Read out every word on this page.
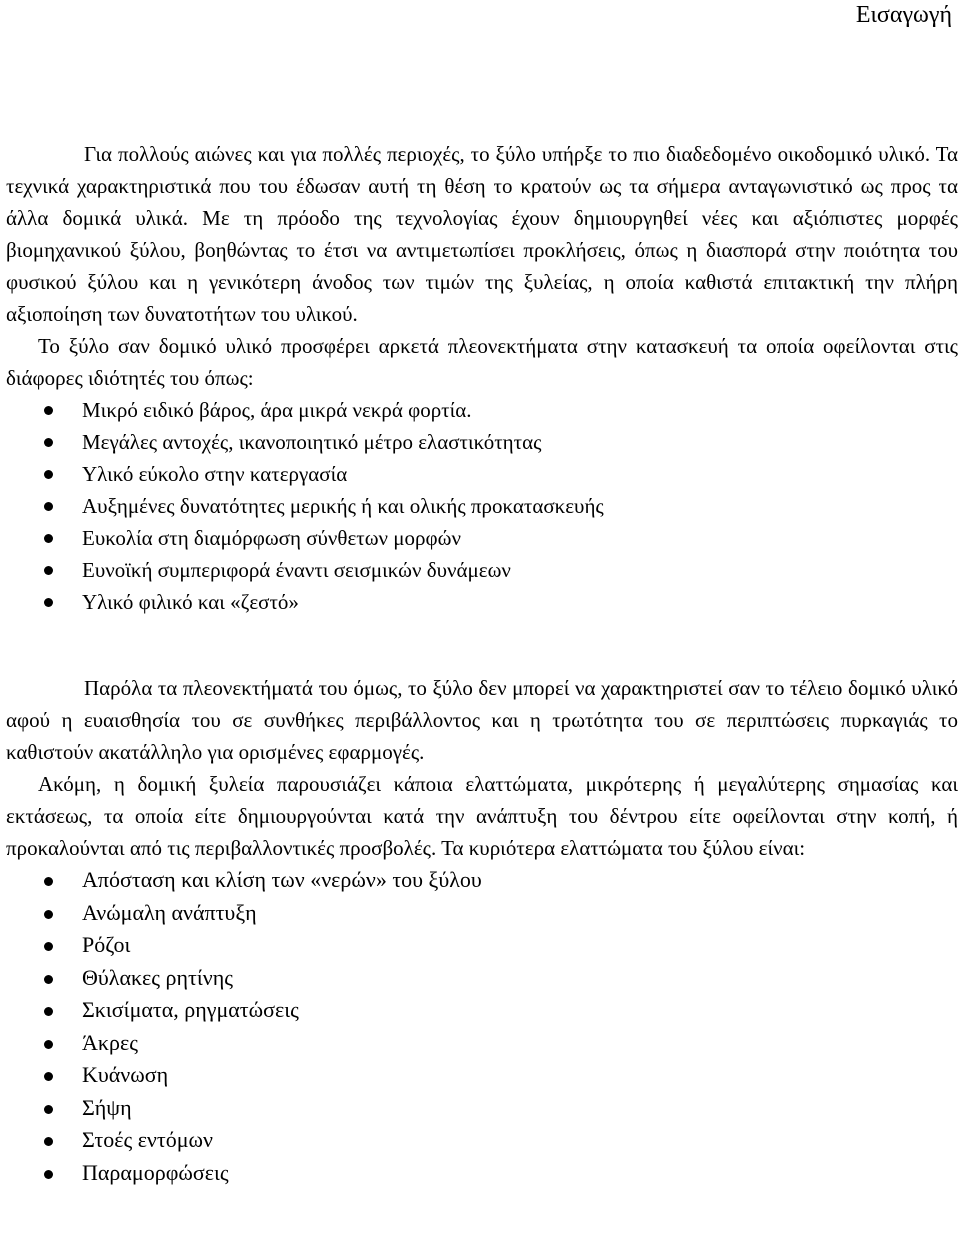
Εισαγωγή

Για πολλούς αιώνες και για πολλές περιοχές, το ξύλο υπήρξε το πιο διαδεδομένο οικοδομικό υλικό. Τα τεχνικά χαρακτηριστικά που του έδωσαν αυτή τη θέση το κρατούν ως τα σήμερα ανταγωνιστικό ως προς τα άλλα δομικά υλικά. Με τη πρόοδο της τεχνολογίας έχουν δημιουργηθεί νέες και αξιόπιστες μορφές βιομηχανικού ξύλου, βοηθώντας το έτσι να αντιμετωπίσει προκλήσεις, όπως η διασπορά στην ποιότητα του φυσικού ξύλου και η γενικότερη άνοδος των τιμών της ξυλείας, η οποία καθιστά επιτακτική την πλήρη αξιοποίηση των δυνατοτήτων του υλικού.

Το ξύλο σαν δομικό υλικό προσφέρει αρκετά πλεονεκτήματα στην κατασκευή τα οποία οφείλονται στις διάφορες ιδιότητές του όπως:

Μικρό ειδικό βάρος, άρα μικρά νεκρά φορτία.
Μεγάλες αντοχές, ικανοποιητικό μέτρο ελαστικότητας
Υλικό εύκολο στην κατεργασία
Αυξημένες δυνατότητες μερικής ή και ολικής προκατασκευής
Ευκολία στη διαμόρφωση σύνθετων μορφών
Ευνοϊκή συμπεριφορά έναντι σεισμικών δυνάμεων
Υλικό φιλικό και «ζεστό»

Παρόλα τα πλεονεκτήματά του όμως, το ξύλο δεν μπορεί να χαρακτηριστεί σαν το τέλειο δομικό υλικό αφού η ευαισθησία του σε συνθήκες περιβάλλοντος και η τρωτότητα του σε περιπτώσεις πυρκαγιάς το καθιστούν ακατάλληλο για ορισμένες εφαρμογές.

Ακόμη, η δομική ξυλεία παρουσιάζει κάποια ελαττώματα, μικρότερης ή μεγαλύτερης σημασίας και εκτάσεως, τα οποία είτε δημιουργούνται κατά την ανάπτυξη του δέντρου είτε οφείλονται στην κοπή, ή προκαλούνται από τις περιβαλλοντικές προσβολές. Τα κυριότερα ελαττώματα του ξύλου είναι:

Απόσταση και κλίση των «νερών» του ξύλου
Ανώμαλη ανάπτυξη
Ρόζοι
Θύλακες ρητίνης
Σκισίματα, ρηγματώσεις
Άκρες
Κυάνωση
Σήψη
Στοές εντόμων
Παραμορφώσεις
